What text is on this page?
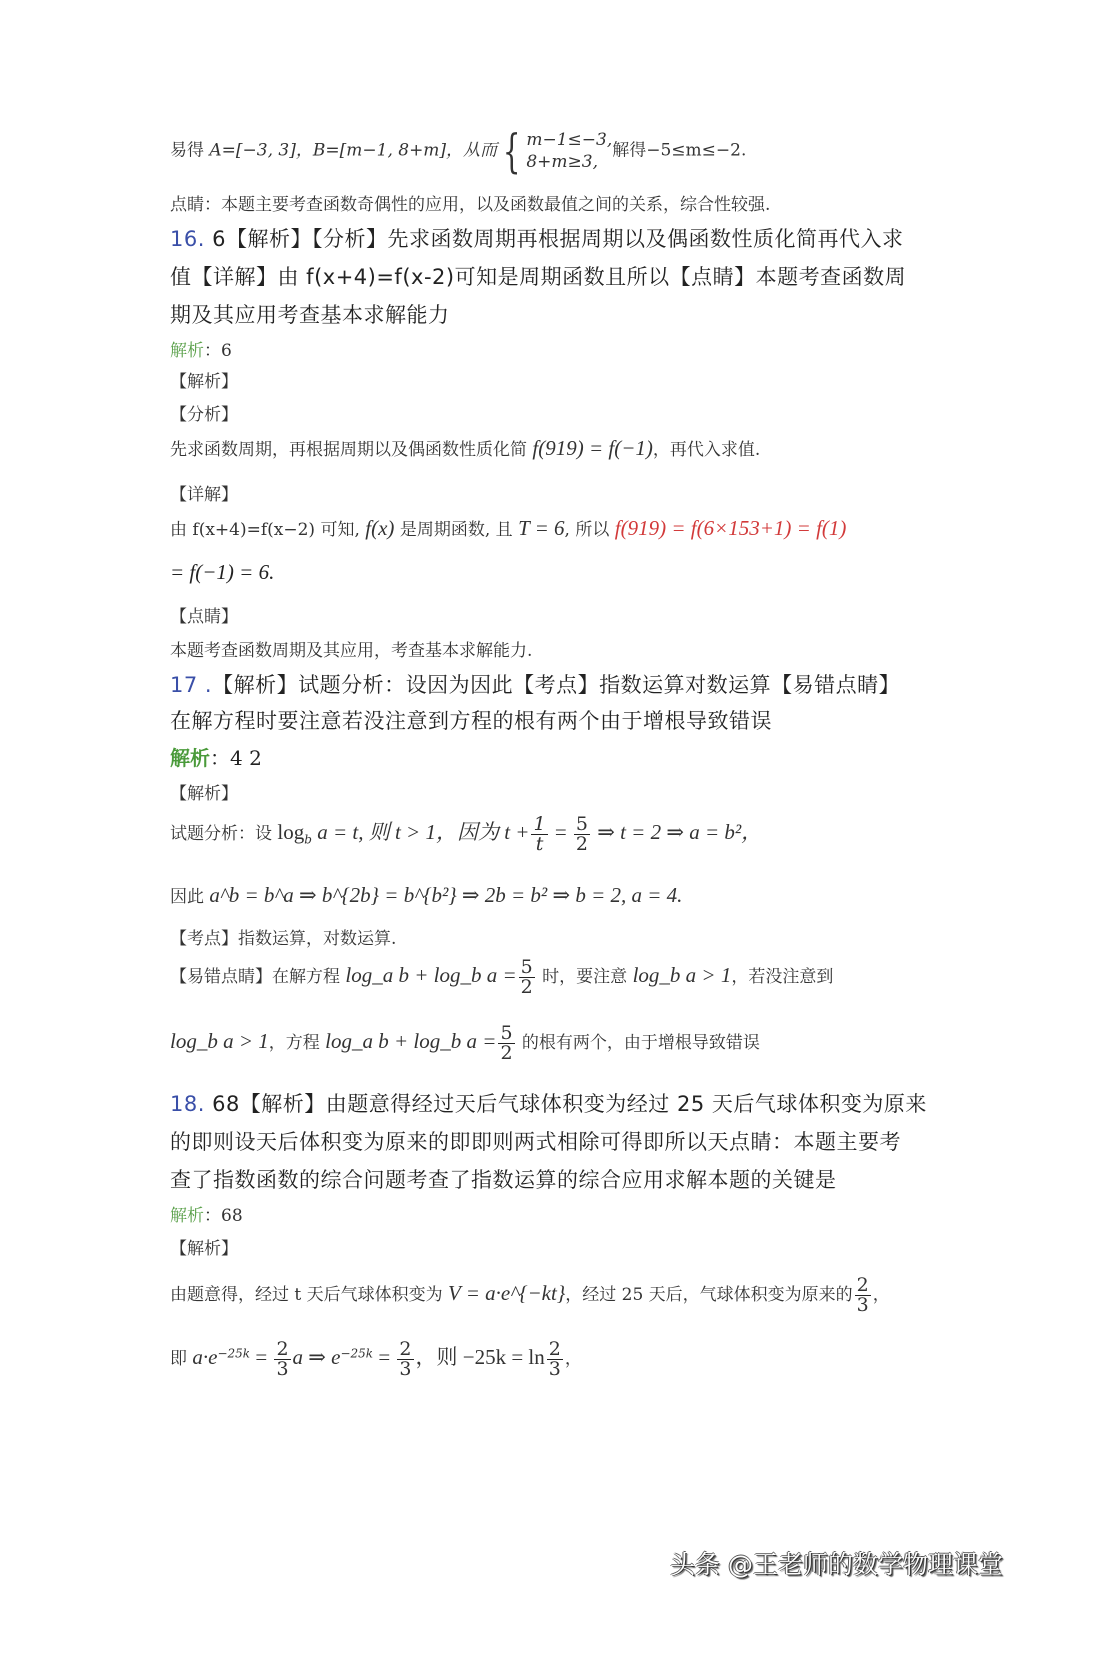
易得 A=[−3, 3]，B=[m−1, 8+m]，从而 { m−1≤−3,
8+m≥3,
解得−5≤m≤−2.
点睛：本题主要考查函数奇偶性的应用，以及函数最值之间的关系，综合性较强.
16. 6【解析】【分析】先求函数周期再根据周期以及偶函数性质化简再代入求
值【详解】由 f(x+4)=f(x-2)可知是周期函数且所以【点睛】本题考查函数周
期及其应用考查基本求解能力
解析：6
【解析】
【分析】
先求函数周期，再根据周期以及偶函数性质化简 f(919) = f(−1)，再代入求值.
【详解】
由 f(x+4)=f(x−2) 可知, f(x) 是周期函数, 且 T = 6, 所以 f(919) = f(6×153+1) = f(1)
= f(−1) = 6.
【点睛】
本题考查函数周期及其应用，考查基本求解能力.
17 .【解析】试题分析：设因为因此【考点】指数运算对数运算【易错点睛】
在解方程时要注意若没注意到方程的根有两个由于增根导致错误
解析：4 2
【解析】
试题分析：设 $\log_b a = t$, 则 t > 1，因为 $t + \frac{1}{t} = \frac{5}{2}$ ⇒ t = 2 ⇒ a = b²，
因此 a^b = b^a ⇒ b^{2b} = b^{b²} ⇒ 2b = b² ⇒ b = 2, a = 4.
【考点】指数运算，对数运算.
【易错点睛】在解方程 log_a b + log_b $a = \frac{5}{2}$ 时，要注意 log_b a > 1，若没注意到
log_b a > 1，方程 log_a b + log_b $a = \frac{5}{2}$ 的根有两个，由于增根导致错误
18. 68【解析】由题意得经过天后气球体积变为经过 25 天后气球体积变为原来
的即则设天后体积变为原来的即即则两式相除可得即所以天点睛：本题主要考
查了指数函数的综合问题考查了指数运算的综合应用求解本题的关键是
解析：68
【解析】
由题意得，经过 t 天后气球体积变为 V = a·e^{−kt}，经过 25 天后，气球体积变为原来的 $\frac{2}{3}$ ，
即 $a\cdot e^{-25k} = \frac{2}{3}$ a ⇒ $e^{-25k} = \frac{2}{3}$ ，则 $-25k = \ln \frac{2}{3}$ ，
头条 @王老师的数学物理课堂
